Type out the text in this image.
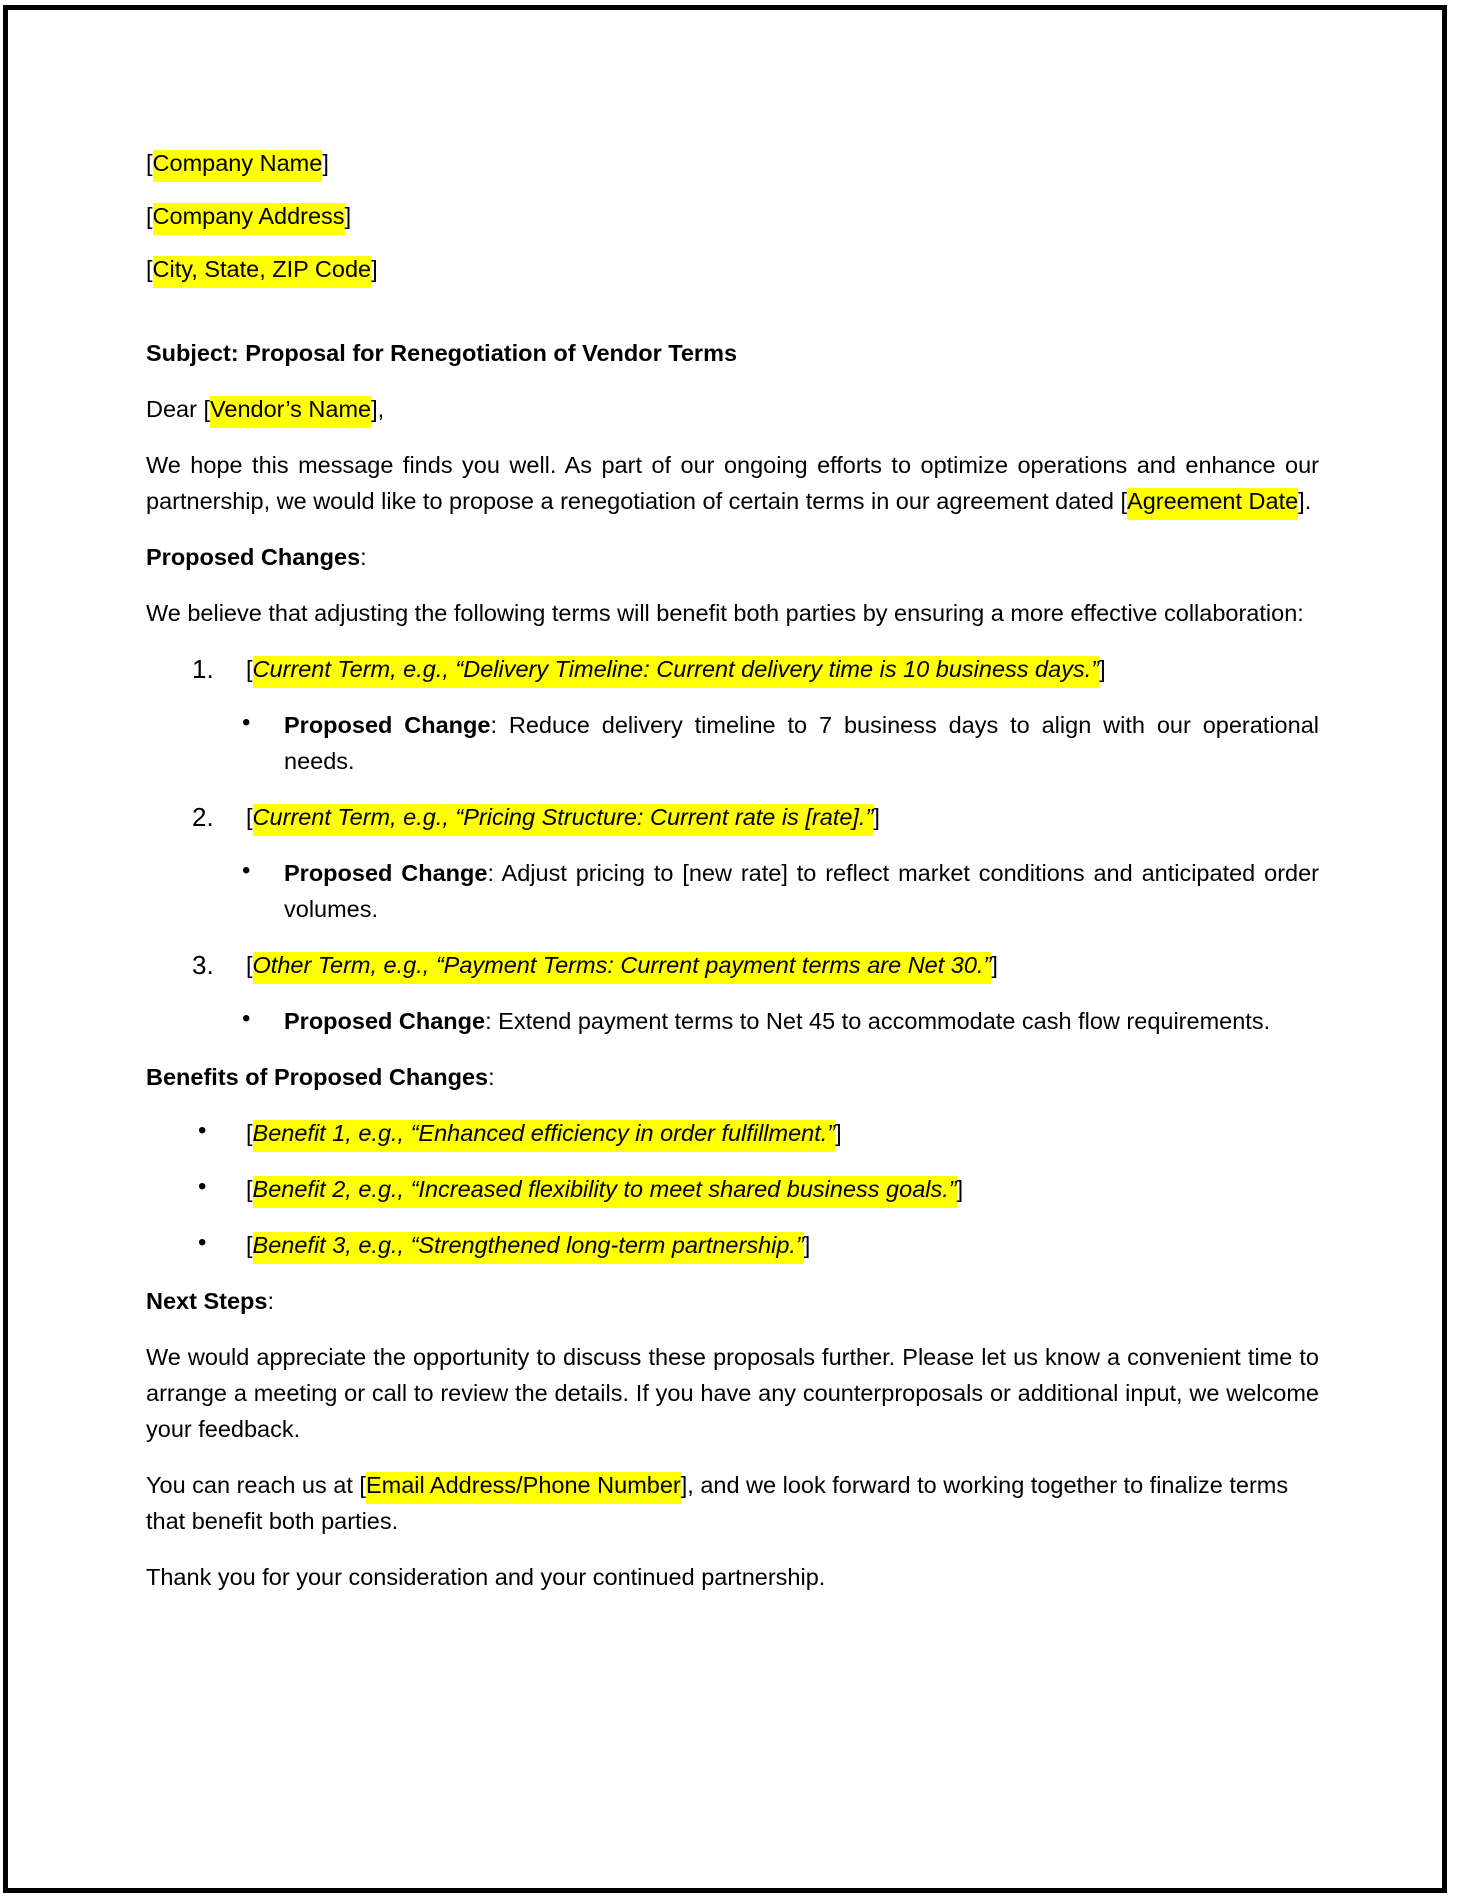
[Company Name]
[Company Address]
[City, State, ZIP Code]

Subject: Proposal for Renegotiation of Vendor Terms

Dear [Vendor’s Name],

We hope this message finds you well. As part of our ongoing efforts to optimize operations and enhance our partnership, we would like to propose a renegotiation of certain terms in our agreement dated [Agreement Date].

Proposed Changes:

We believe that adjusting the following terms will benefit both parties by ensuring a more effective collaboration:

1. [Current Term, e.g., “Delivery Timeline: Current delivery time is 10 business days.”]
• Proposed Change: Reduce delivery timeline to 7 business days to align with our operational needs.
2. [Current Term, e.g., “Pricing Structure: Current rate is [rate].”]
• Proposed Change: Adjust pricing to [new rate] to reflect market conditions and anticipated order volumes.
3. [Other Term, e.g., “Payment Terms: Current payment terms are Net 30.”]
• Proposed Change: Extend payment terms to Net 45 to accommodate cash flow requirements.

Benefits of Proposed Changes:

• [Benefit 1, e.g., “Enhanced efficiency in order fulfillment.”]
• [Benefit 2, e.g., “Increased flexibility to meet shared business goals.”]
• [Benefit 3, e.g., “Strengthened long-term partnership.”]

Next Steps:

We would appreciate the opportunity to discuss these proposals further. Please let us know a convenient time to arrange a meeting or call to review the details. If you have any counterproposals or additional input, we welcome your feedback.

You can reach us at [Email Address/Phone Number], and we look forward to working together to finalize terms that benefit both parties.

Thank you for your consideration and your continued partnership.
